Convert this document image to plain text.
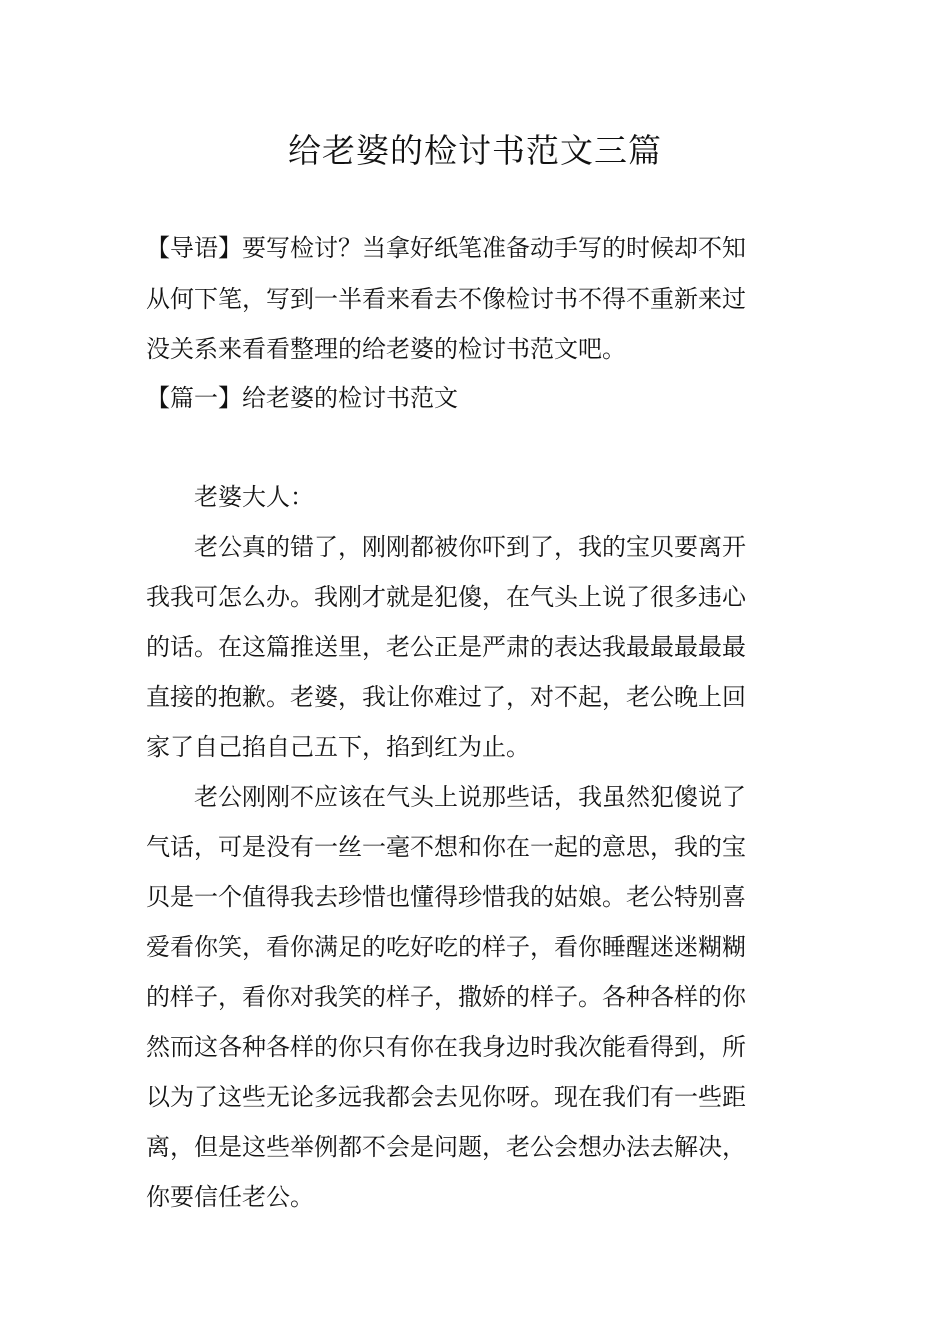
给老婆的检讨书范文三篇

【导语】要写检讨？当拿好纸笔准备动手写的时候却不知

从何下笔，写到一半看来看去不像检讨书不得不重新来过

没关系来看看整理的给老婆的检讨书范文吧。

【篇一】给老婆的检讨书范文

老婆大人：

老公真的错了，刚刚都被你吓到了，我的宝贝要离开

我我可怎么办。我刚才就是犯傻，在气头上说了很多违心

的话。在这篇推送里，老公正是严肃的表达我最最最最最

直接的抱歉。老婆，我让你难过了，对不起，老公晚上回

家了自己掐自己五下，掐到红为止。

老公刚刚不应该在气头上说那些话，我虽然犯傻说了

气话，可是没有一丝一毫不想和你在一起的意思，我的宝

贝是一个值得我去珍惜也懂得珍惜我的姑娘。老公特别喜

爱看你笑，看你满足的吃好吃的样子，看你睡醒迷迷糊糊

的样子，看你对我笑的样子，撒娇的样子。各种各样的你

然而这各种各样的你只有你在我身边时我次能看得到，所

以为了这些无论多远我都会去见你呀。现在我们有一些距

离，但是这些举例都不会是问题，老公会想办法去解决，

你要信任老公。
